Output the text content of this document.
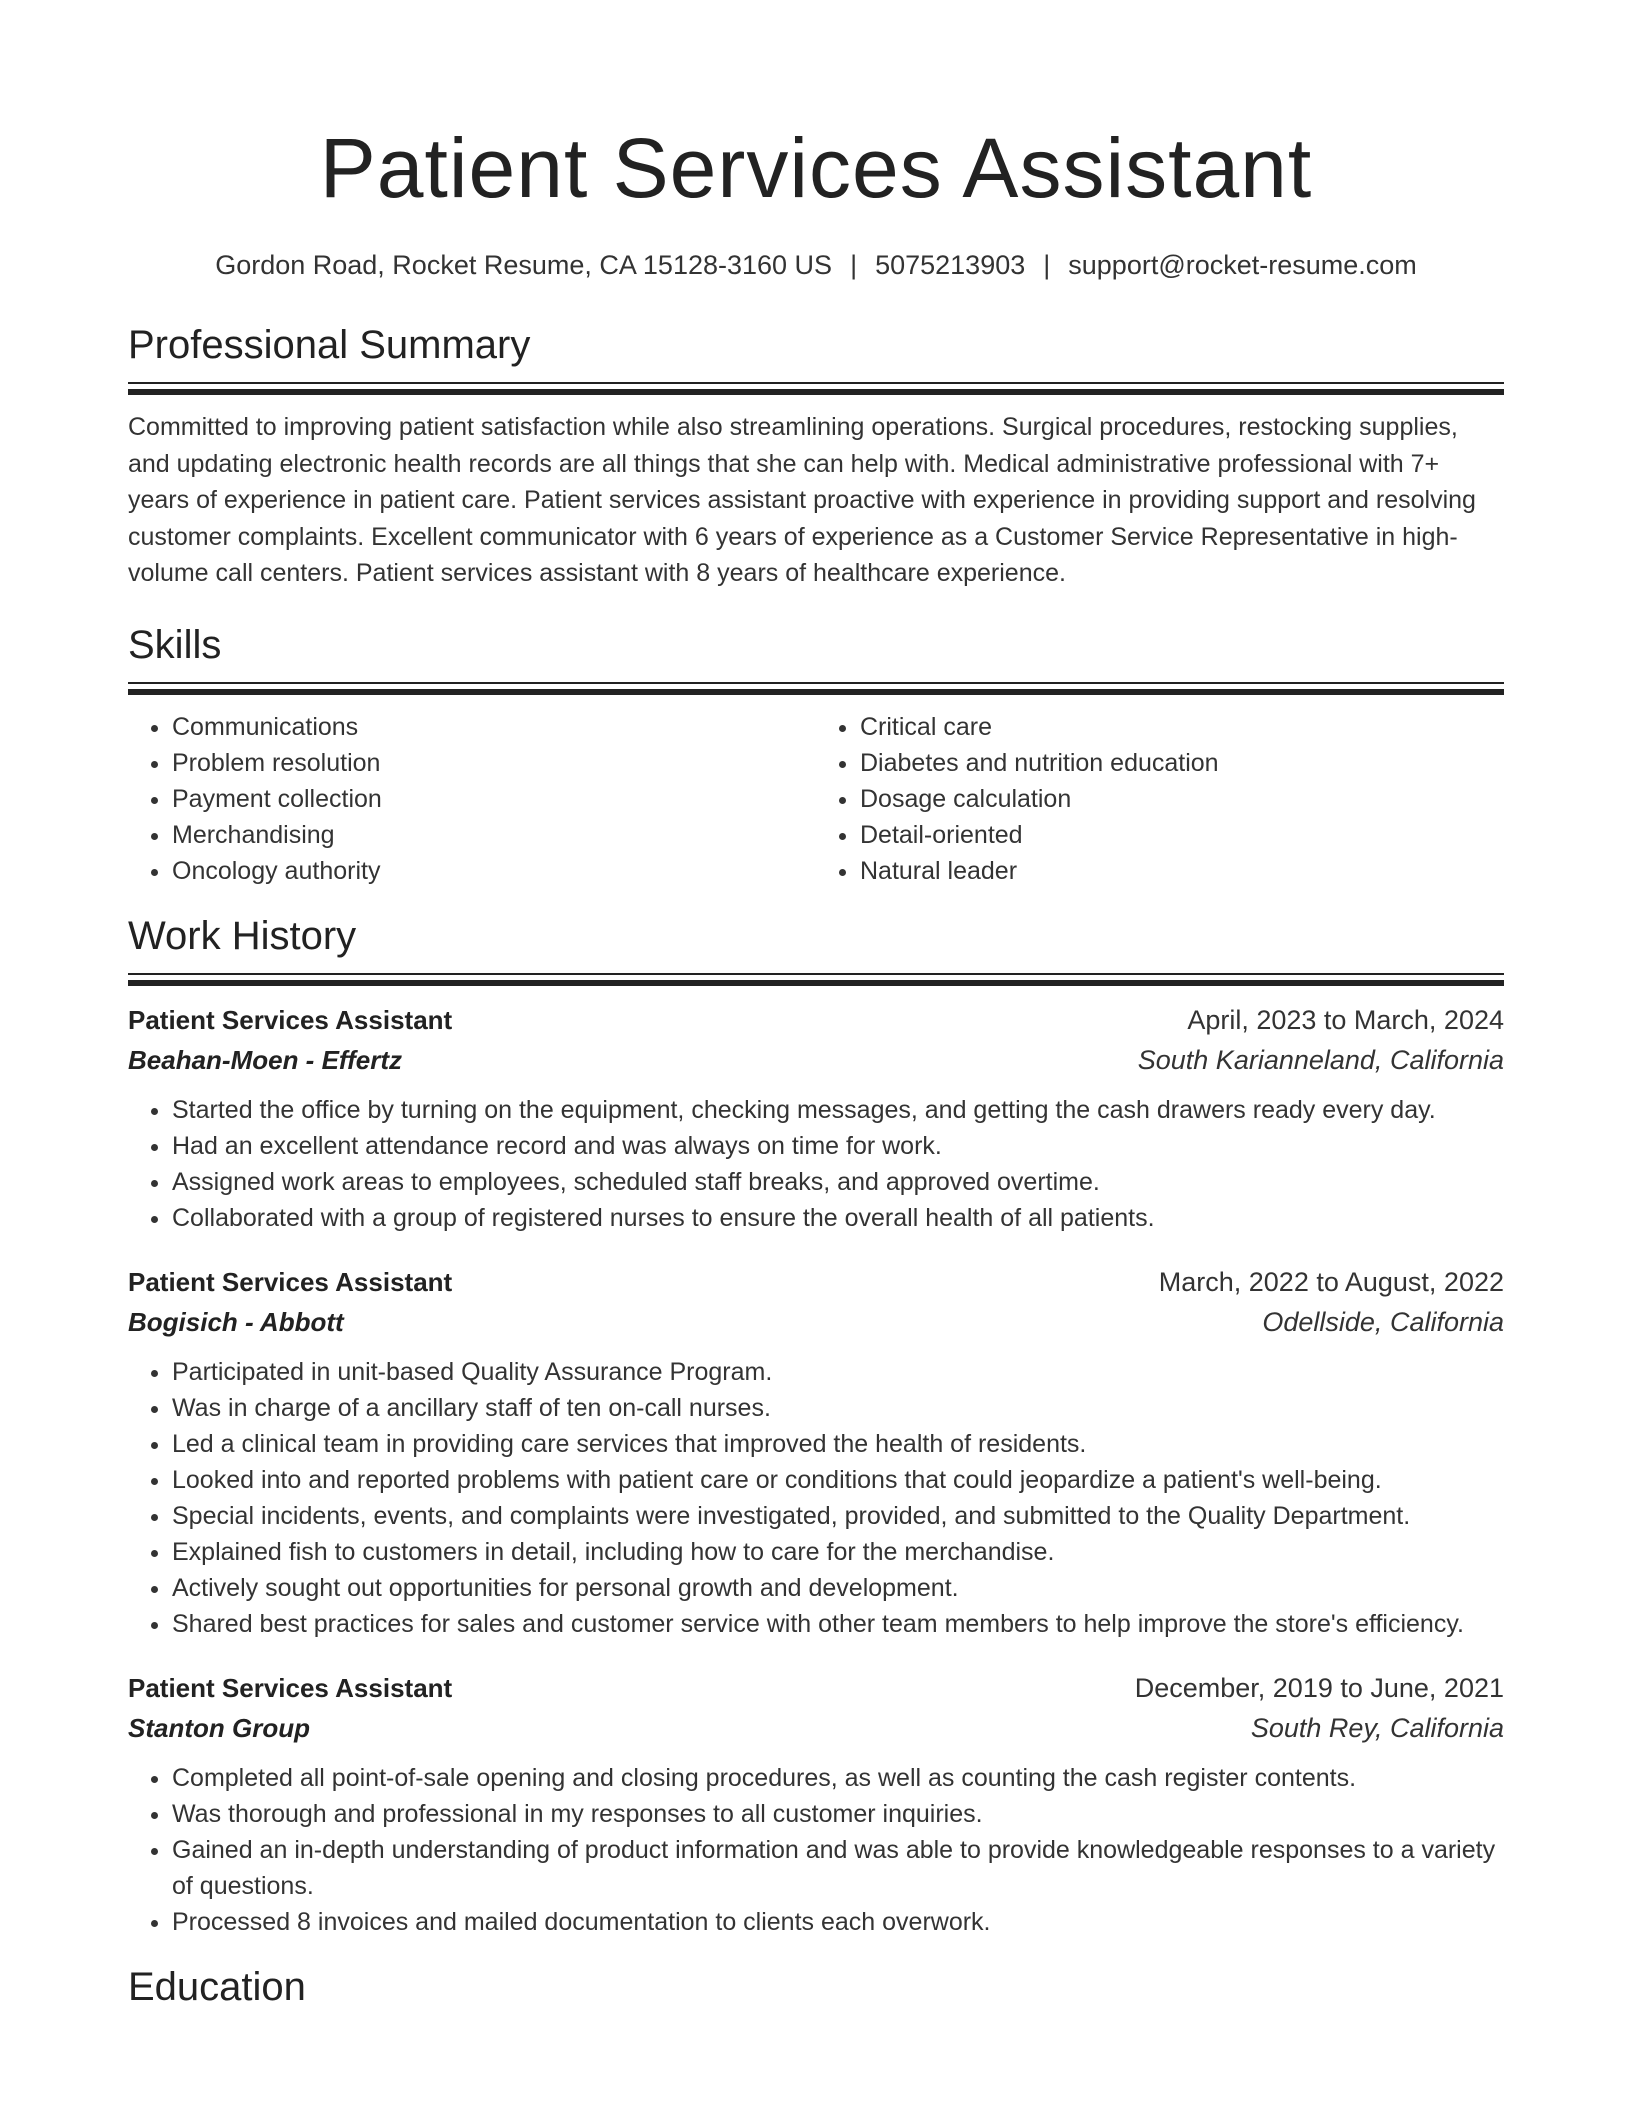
Patient Services Assistant
Gordon Road, Rocket Resume, CA 15128-3160 US | 5075213903 | support@rocket-resume.com
Professional Summary
Committed to improving patient satisfaction while also streamlining operations. Surgical procedures, restocking supplies, and updating electronic health records are all things that she can help with. Medical administrative professional with 7+ years of experience in patient care. Patient services assistant proactive with experience in providing support and resolving customer complaints. Excellent communicator with 6 years of experience as a Customer Service Representative in high-volume call centers. Patient services assistant with 8 years of healthcare experience.
Skills
• Communications
• Problem resolution
• Payment collection
• Merchandising
• Oncology authority
• Critical care
• Diabetes and nutrition education
• Dosage calculation
• Detail-oriented
• Natural leader
Work History
Patient Services Assistant	April, 2023 to March, 2024
Beahan-Moen - Effertz	South Karianneland, California
• Started the office by turning on the equipment, checking messages, and getting the cash drawers ready every day.
• Had an excellent attendance record and was always on time for work.
• Assigned work areas to employees, scheduled staff breaks, and approved overtime.
• Collaborated with a group of registered nurses to ensure the overall health of all patients.
Patient Services Assistant	March, 2022 to August, 2022
Bogisich - Abbott	Odellside, California
• Participated in unit-based Quality Assurance Program.
• Was in charge of a ancillary staff of ten on-call nurses.
• Led a clinical team in providing care services that improved the health of residents.
• Looked into and reported problems with patient care or conditions that could jeopardize a patient's well-being.
• Special incidents, events, and complaints were investigated, provided, and submitted to the Quality Department.
• Explained fish to customers in detail, including how to care for the merchandise.
• Actively sought out opportunities for personal growth and development.
• Shared best practices for sales and customer service with other team members to help improve the store's efficiency.
Patient Services Assistant	December, 2019 to June, 2021
Stanton Group	South Rey, California
• Completed all point-of-sale opening and closing procedures, as well as counting the cash register contents.
• Was thorough and professional in my responses to all customer inquiries.
• Gained an in-depth understanding of product information and was able to provide knowledgeable responses to a variety of questions.
• Processed 8 invoices and mailed documentation to clients each overwork.
Education
